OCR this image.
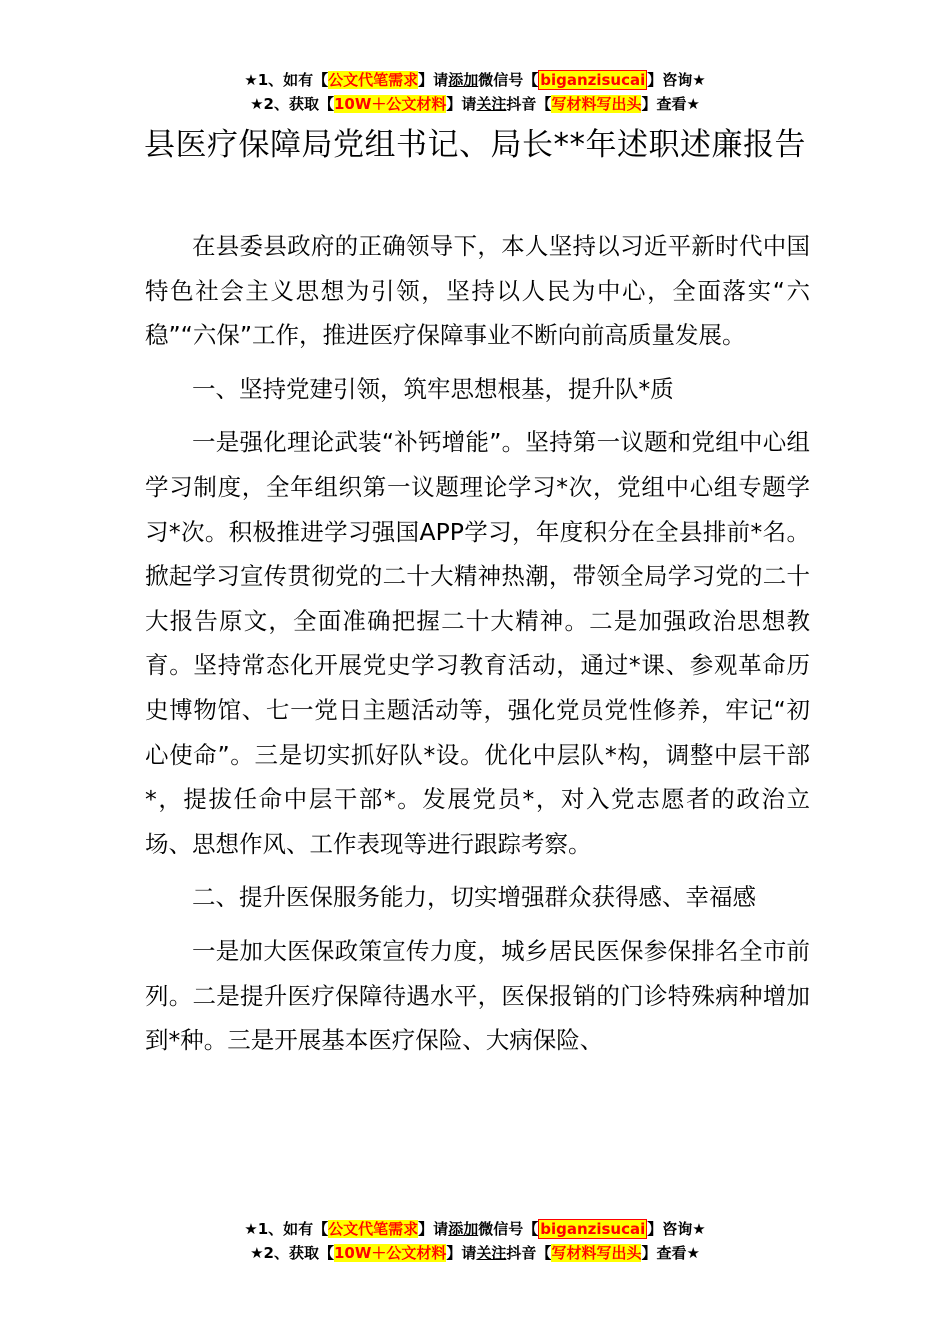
★1、如有【公文代笔需求】请添加微信号【 biganzisucai 】咨询★
★2、获取【10W＋公文材料】请关注抖音【写材料写出头】查看★
县医疗保障局党组书记、局长**年述职述廉报告

在县委县政府的正确领导下，本人坚持以习近平新时代中国特色社会主义思想为引领，坚持以人民为中心，全面落实“六稳”“六保”工作，推进医疗保障事业不断向前高质量发展。

一、坚持党建引领，筑牢思想根基，提升队*质

一是强化理论武装“补钙增能”。坚持第一议题和党组中心组学习制度，全年组织第一议题理论学习*次，党组中心组专题学习*次。积极推进学习强国APP学习，年度积分在全县排前*名。掀起学习宣传贯彻党的二十大精神热潮，带领全局学习党的二十大报告原文，全面准确把握二十大精神。二是加强政治思想教育。坚持常态化开展党史学习教育活动，通过*课、参观革命历史博物馆、七一党日主题活动等，强化党员党性修养，牢记“初心使命”。三是切实抓好队*设。优化中层队*构，调整中层干部*，提拔任命中层干部*。发展党员*，对入党志愿者的政治立场、思想作风、工作表现等进行跟踪考察。

二、提升医保服务能力，切实增强群众获得感、幸福感

一是加大医保政策宣传力度，城乡居民医保参保排名全市前列。二是提升医疗保障待遇水平，医保报销的门诊特殊病种增加到*种。三是开展基本医疗保险、大病保险、

★1、如有【公文代笔需求】请添加微信号【 biganzisucai 】咨询★
★2、获取【10W＋公文材料】请关注抖音【写材料写出头】查看★
